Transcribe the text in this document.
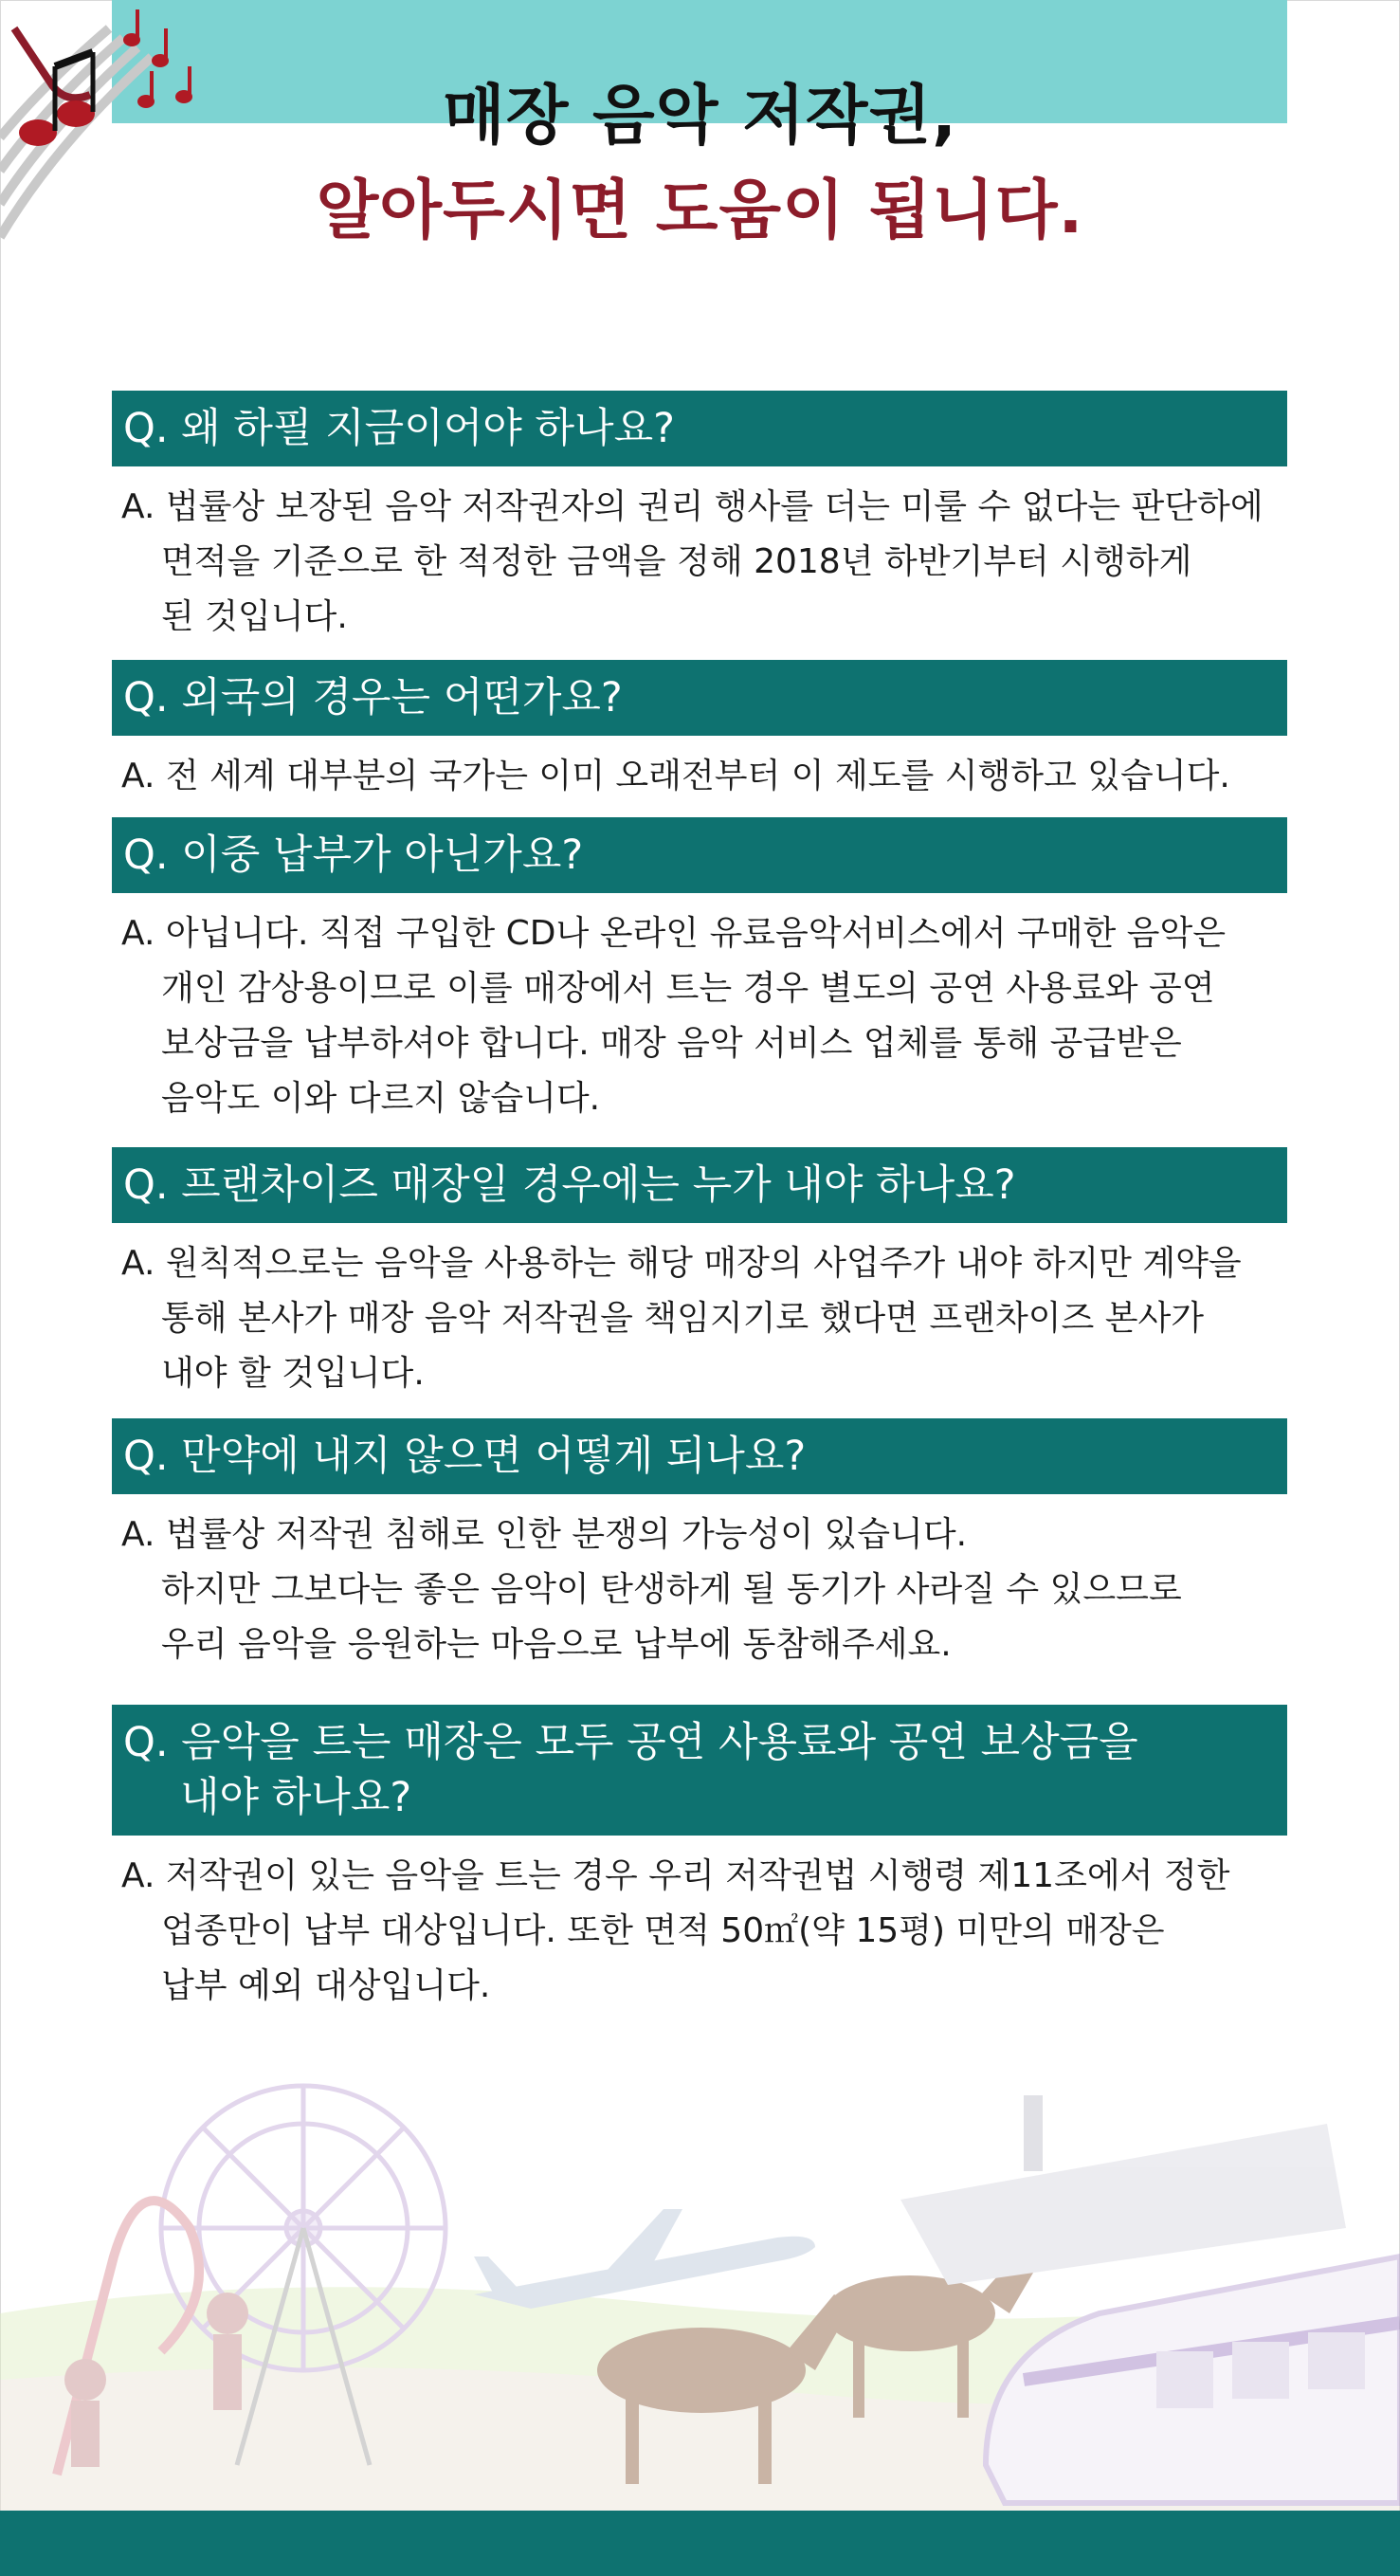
매장 음악 저작권,
알아두시면 도움이 됩니다.
Q. 왜 하필 지금이어야 하나요?
A. 법률상 보장된 음악 저작권자의 권리 행사를 더는 미룰 수 없다는 판단하에
면적을 기준으로 한 적정한 금액을 정해 2018년 하반기부터 시행하게
된 것입니다.
Q. 외국의 경우는 어떤가요?
A. 전 세계 대부분의 국가는 이미 오래전부터 이 제도를 시행하고 있습니다.
Q. 이중 납부가 아닌가요?
A. 아닙니다. 직접 구입한 CD나 온라인 유료음악서비스에서 구매한 음악은
개인 감상용이므로 이를 매장에서 트는 경우 별도의 공연 사용료와 공연
보상금을 납부하셔야 합니다. 매장 음악 서비스 업체를 통해 공급받은
음악도 이와 다르지 않습니다.
Q. 프랜차이즈 매장일 경우에는 누가 내야 하나요?
A. 원칙적으로는 음악을 사용하는 해당 매장의 사업주가 내야 하지만 계약을
통해 본사가 매장 음악 저작권을 책임지기로 했다면 프랜차이즈 본사가
내야 할 것입니다.
Q. 만약에 내지 않으면 어떻게 되나요?
A. 법률상 저작권 침해로 인한 분쟁의 가능성이 있습니다.
하지만 그보다는 좋은 음악이 탄생하게 될 동기가 사라질 수 있으므로
우리 음악을 응원하는 마음으로 납부에 동참해주세요.
Q. 음악을 트는 매장은 모두 공연 사용료와 공연 보상금을
내야 하나요?
A. 저작권이 있는 음악을 트는 경우 우리 저작권법 시행령 제11조에서 정한
업종만이 납부 대상입니다. 또한 면적 50㎡(약 15평) 미만의 매장은
납부 예외 대상입니다.
